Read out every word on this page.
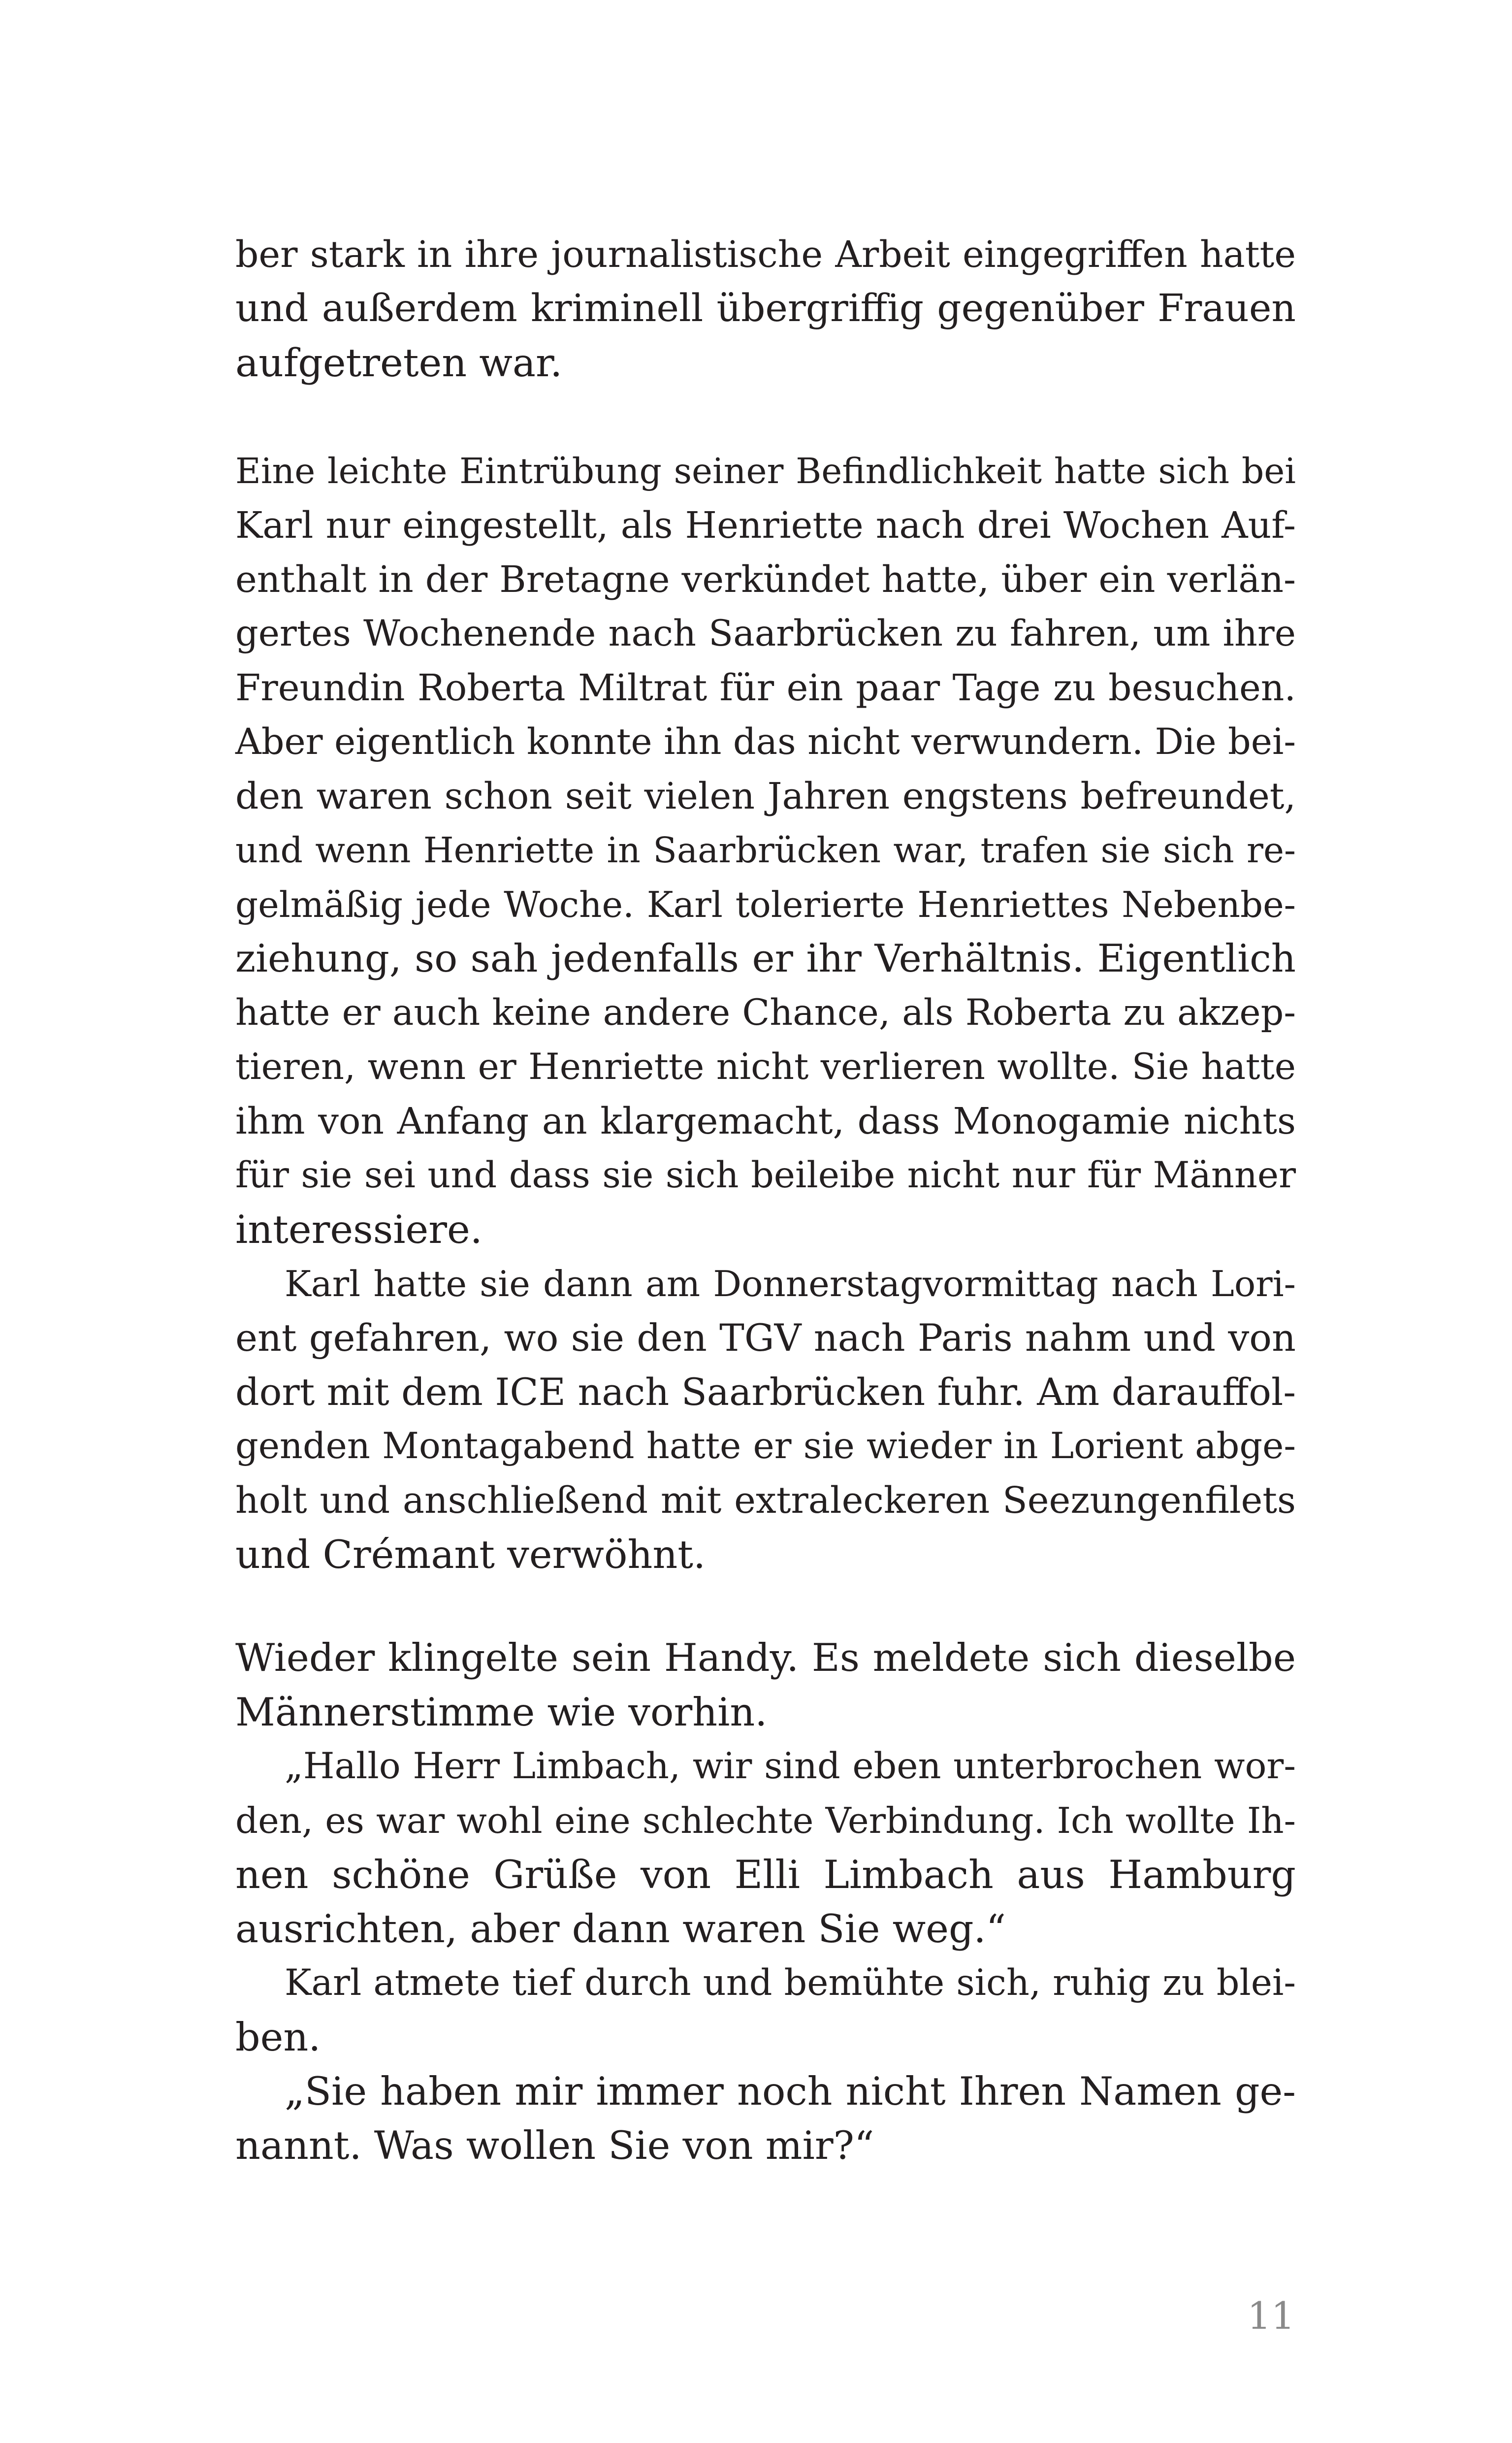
ber stark in ihre journalistische Arbeit eingegriffen hatte
und außerdem kriminell übergriffig gegenüber Frauen
aufgetreten war.
Eine leichte Eintrübung seiner Befindlichkeit hatte sich bei
Karl nur eingestellt, als Henriette nach drei Wochen Auf-
enthalt in der Bretagne verkündet hatte, über ein verlän-
gertes Wochenende nach Saarbrücken zu fahren, um ihre
Freundin Roberta Miltrat für ein paar Tage zu besuchen.
Aber eigentlich konnte ihn das nicht verwundern. Die bei-
den waren schon seit vielen Jahren engstens befreundet,
und wenn Henriette in Saarbrücken war, trafen sie sich re-
gelmäßig jede Woche. Karl tolerierte Henriettes Nebenbe-
ziehung, so sah jedenfalls er ihr Verhältnis. Eigentlich
hatte er auch keine andere Chance, als Roberta zu akzep-
tieren, wenn er Henriette nicht verlieren wollte. Sie hatte
ihm von Anfang an klargemacht, dass Monogamie nichts
für sie sei und dass sie sich beileibe nicht nur für Männer
interessiere.
Karl hatte sie dann am Donnerstagvormittag nach Lori-
ent gefahren, wo sie den TGV nach Paris nahm und von
dort mit dem ICE nach Saarbrücken fuhr. Am darauffol-
genden Montagabend hatte er sie wieder in Lorient abge-
holt und anschließend mit extraleckeren Seezungenfilets
und Crémant verwöhnt.
Wieder klingelte sein Handy. Es meldete sich dieselbe
Männerstimme wie vorhin.
„Hallo Herr Limbach, wir sind eben unterbrochen wor-
den, es war wohl eine schlechte Verbindung. Ich wollte Ih-
nen schöne Grüße von Elli Limbach aus Hamburg
ausrichten, aber dann waren Sie weg.“
Karl atmete tief durch und bemühte sich, ruhig zu blei-
ben.
„Sie haben mir immer noch nicht Ihren Namen ge-
nannt. Was wollen Sie von mir?“
11
